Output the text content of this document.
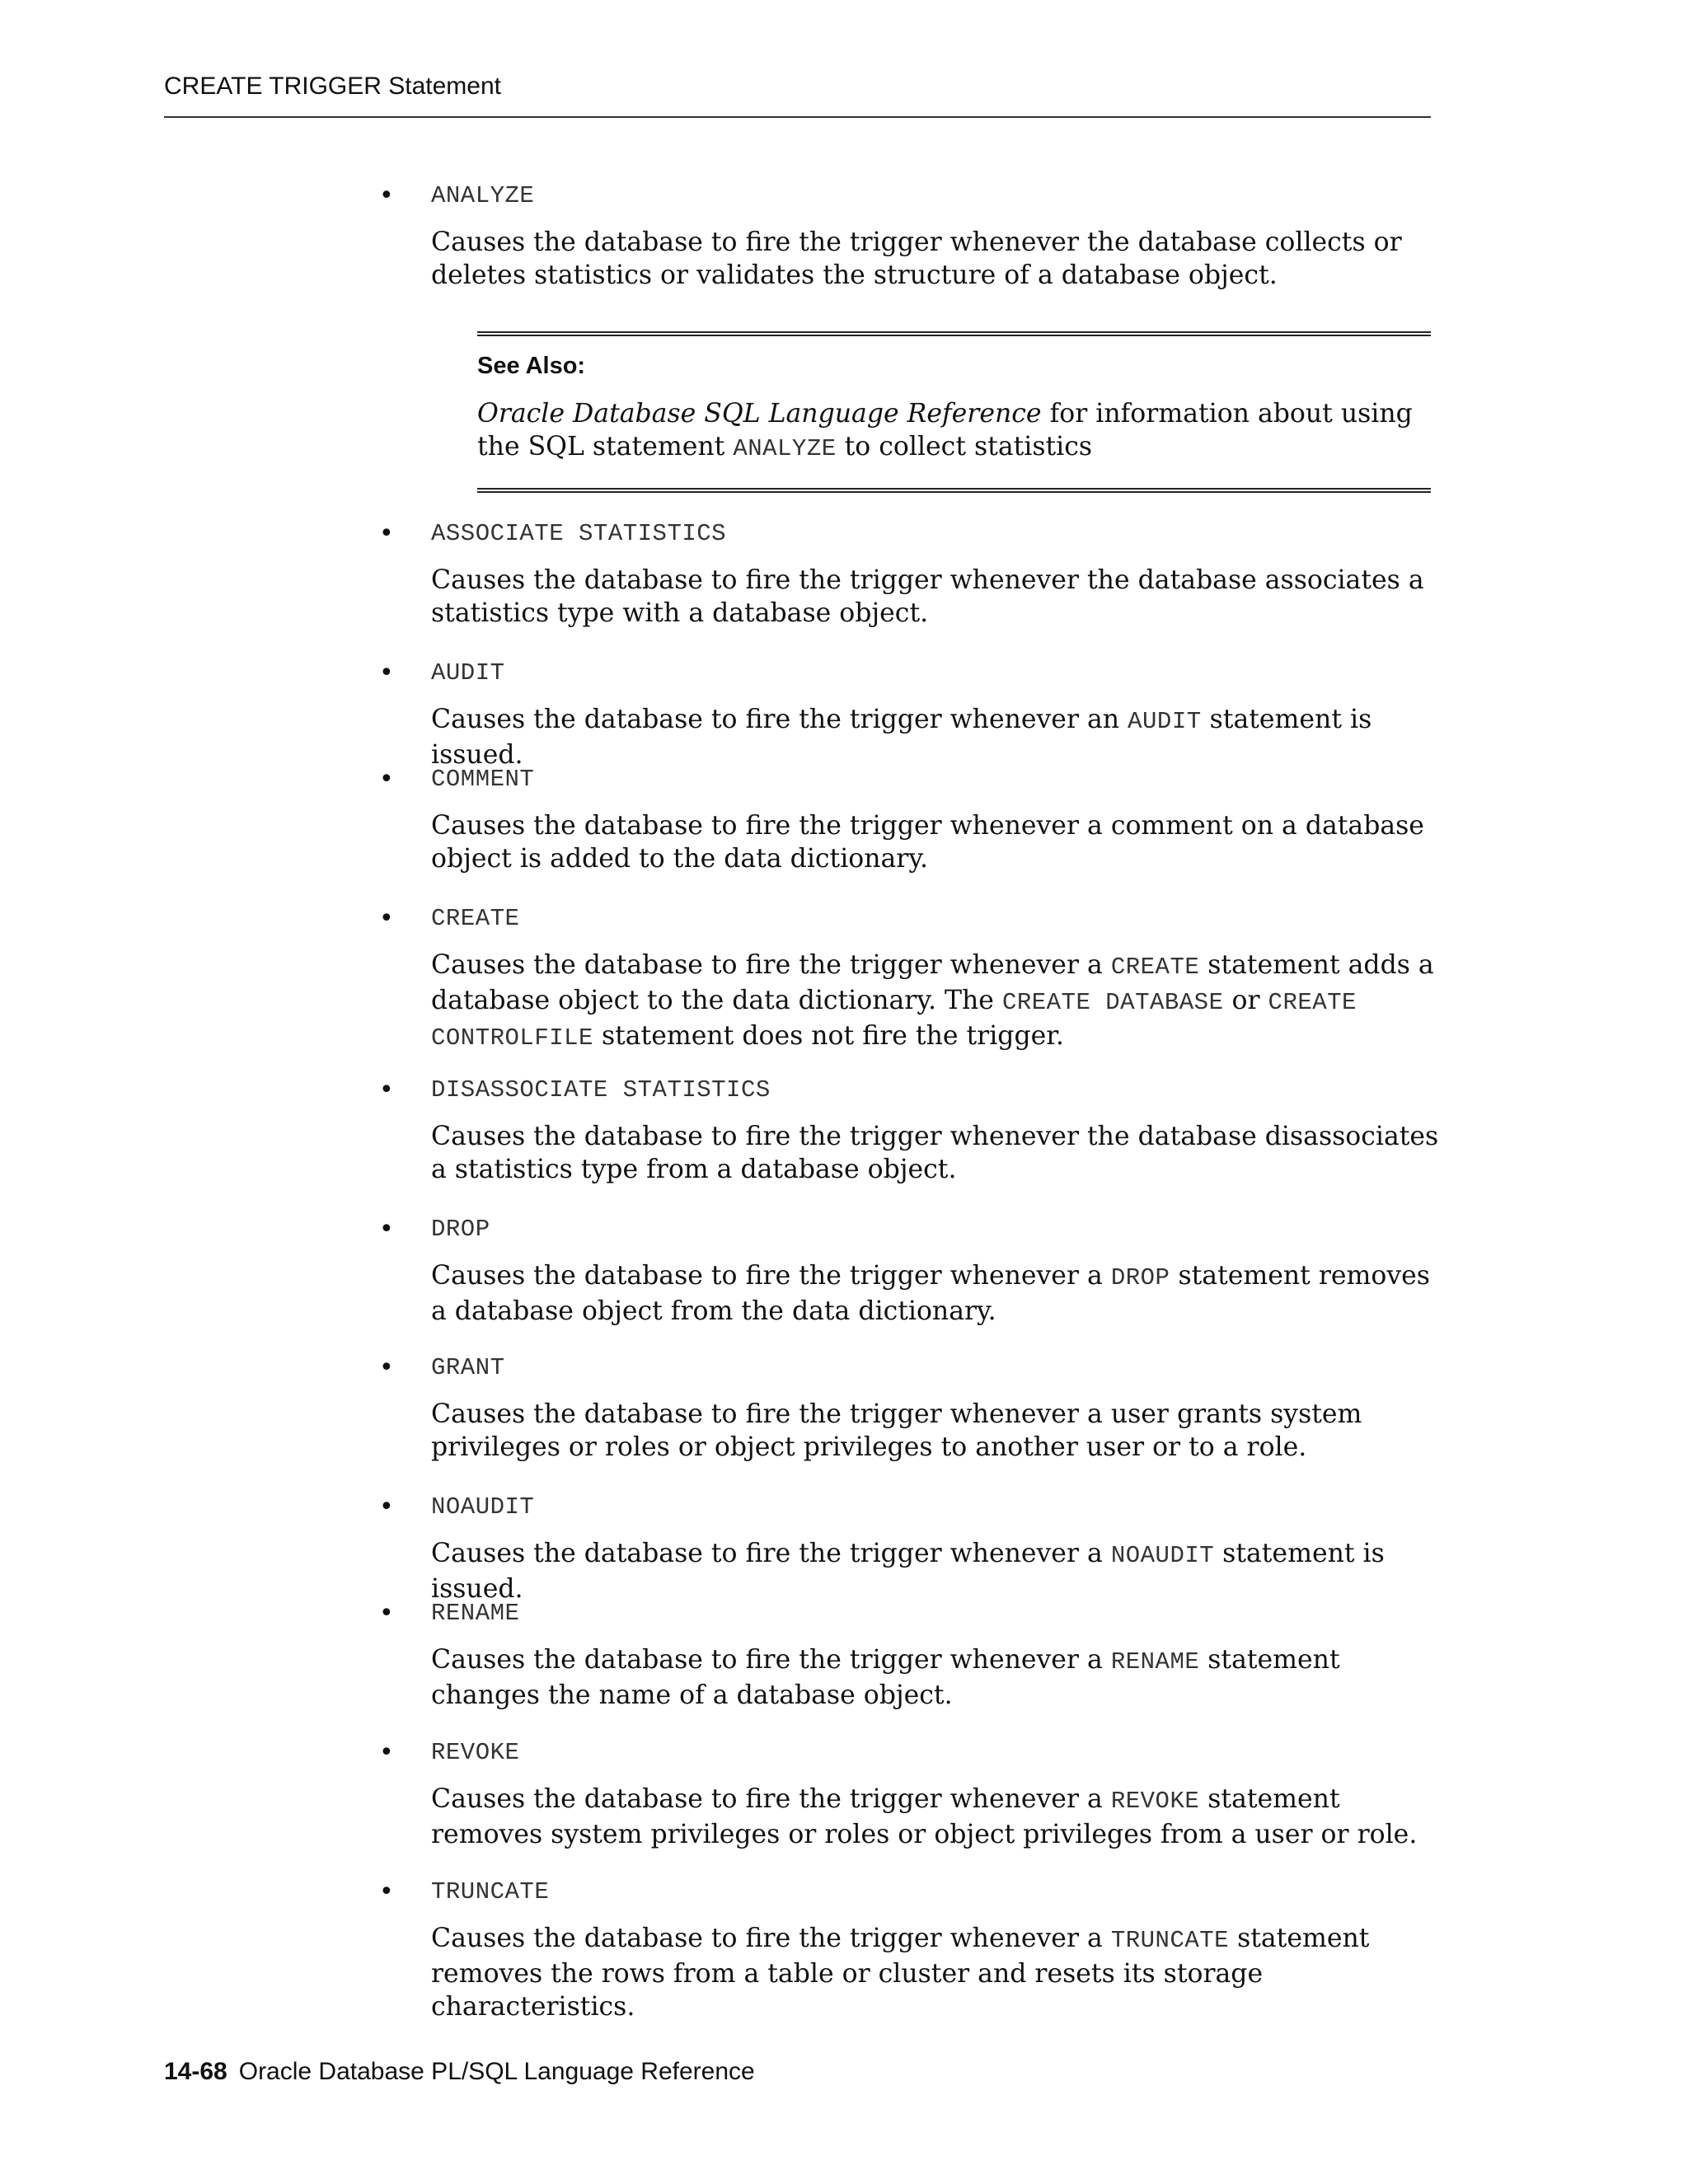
CREATE TRIGGER Statement
• ANALYZE
Causes the database to fire the trigger whenever the database collects or deletes statistics or validates the structure of a database object.
See Also:
Oracle Database SQL Language Reference for information about using the SQL statement ANALYZE to collect statistics
• ASSOCIATE STATISTICS
Causes the database to fire the trigger whenever the database associates a statistics type with a database object.
• AUDIT
Causes the database to fire the trigger whenever an AUDIT statement is issued.
• COMMENT
Causes the database to fire the trigger whenever a comment on a database object is added to the data dictionary.
• CREATE
Causes the database to fire the trigger whenever a CREATE statement adds a database object to the data dictionary. The CREATE DATABASE or CREATE CONTROLFILE statement does not fire the trigger.
• DISASSOCIATE STATISTICS
Causes the database to fire the trigger whenever the database disassociates a statistics type from a database object.
• DROP
Causes the database to fire the trigger whenever a DROP statement removes a database object from the data dictionary.
• GRANT
Causes the database to fire the trigger whenever a user grants system privileges or roles or object privileges to another user or to a role.
• NOAUDIT
Causes the database to fire the trigger whenever a NOAUDIT statement is issued.
• RENAME
Causes the database to fire the trigger whenever a RENAME statement changes the name of a database object.
• REVOKE
Causes the database to fire the trigger whenever a REVOKE statement removes system privileges or roles or object privileges from a user or role.
• TRUNCATE
Causes the database to fire the trigger whenever a TRUNCATE statement removes the rows from a table or cluster and resets its storage characteristics.
14-68 Oracle Database PL/SQL Language Reference
